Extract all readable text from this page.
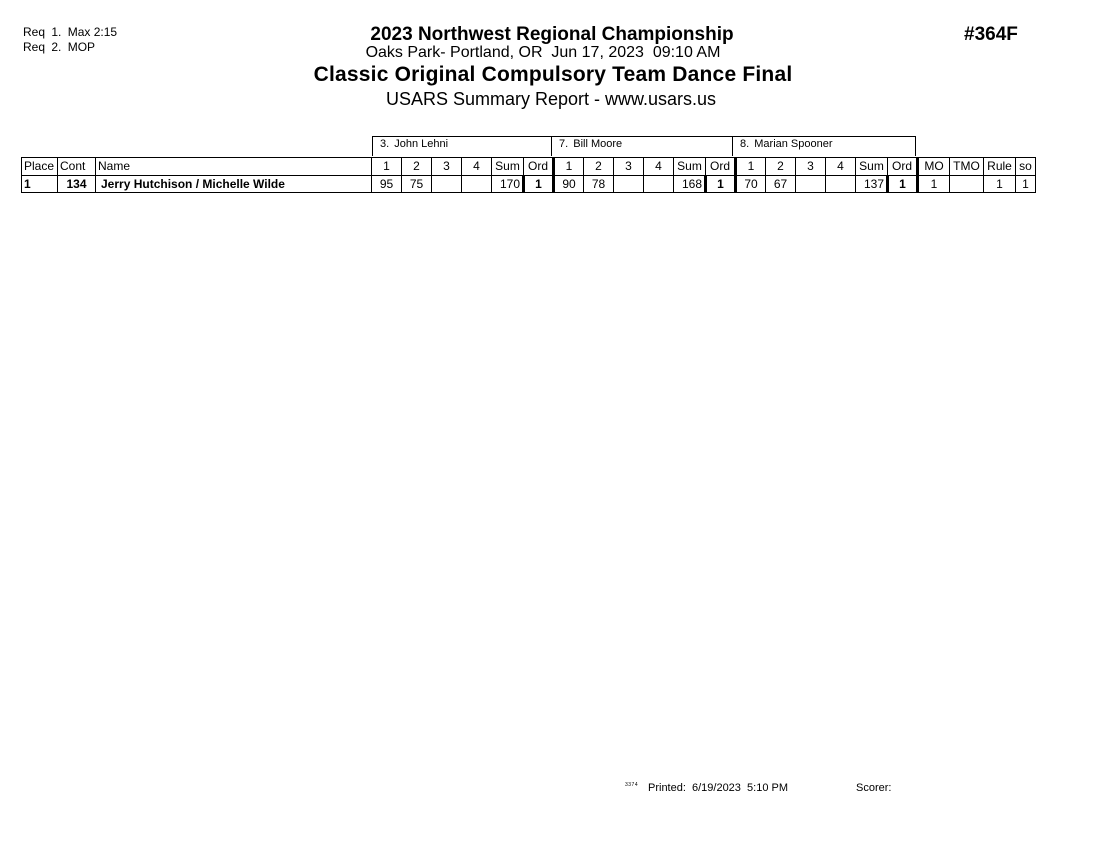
Req 1. Max 2:15
Req 2. MOP
2023 Northwest Regional Championship
Oaks Park- Portland, OR  Jun 17, 2023  09:10 AM
Classic Original Compulsory Team Dance Final
USARS Summary Report - www.usars.us
#364F
3. John Lehni	7. Bill Moore	8. Marian Spooner
Place	Cont	Name	1	2	3	4	Sum	Ord	1	2	3	4	Sum	Ord	1	2	3	4	Sum	Ord	MO	TMO	Rule	so
1	134	Jerry Hutchison / Michelle Wilde	95	75			170	1	90	78			168	1	70	67			137	1	1		1	1
3374 Printed: 6/19/2023  5:10 PM	Scorer:
